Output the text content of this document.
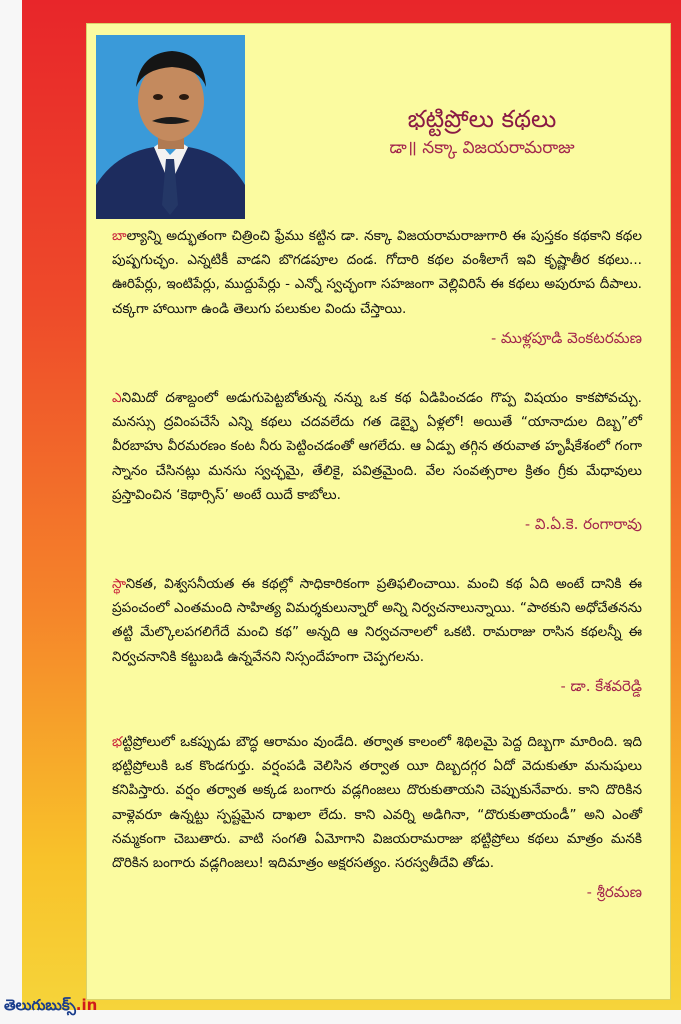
భట్టిప్రోలు కథలు
డా॥ నక్కా విజయరామరాజు

బాల్యాన్ని అద్భుతంగా చిత్రించి ఫ్రేము కట్టిన డా. నక్కా విజయరామరాజుగారి ఈ పుస్తకం కథకాని కథల పుష్పగుచ్ఛం. ఎన్నటికీ వాడని బొగడపూల దండ. గోదారి కథల వంశీలాగే ఇవి కృష్ణాతీర కథలు... ఊరిపేర్లు, ఇంటిపేర్లు, ముద్దుపేర్లు - ఎన్నో స్వచ్ఛంగా సహజంగా వెల్లివిరిసే ఈ కథలు అపురూప దీపాలు. చక్కగా హాయిగా ఉండి తెలుగు పలుకుల విందు చేస్తాయి.

- ముళ్లపూడి వెంకటరమణ

ఎనిమిదో దశాబ్దంలో అడుగుపెట్టబోతున్న నన్ను ఒక కథ ఏడిపించడం గొప్ప విషయం కాకపోవచ్చు. మనస్సు ద్రవింపచేసే ఎన్ని కథలు చదవలేదు గత డెబ్భై ఏళ్లలో! అయితే “యానాదుల దిబ్బ”లో వీరబాహు వీరమరణం కంట నీరు పెట్టించడంతో ఆగలేదు. ఆ ఏడ్పు తగ్గిన తరువాత హృషీకేశంలో గంగా స్నానం చేసినట్లు మనసు స్వచ్ఛమై, తేలికై, పవిత్రమైంది. వేల సంవత్సరాల క్రితం గ్రీకు మేధావులు ప్రస్తావించిన ‘కెథార్సిస్’ అంటే యిదే కాబోలు.

- వి.ఏ.కె. రంగారావు

స్థానికత, విశ్వసనీయత ఈ కథల్లో సాధికారికంగా ప్రతిఫలించాయి. మంచి కథ ఏది అంటే దానికి ఈ ప్రపంచంలో ఎంతమంది సాహిత్య విమర్శకులున్నారో అన్ని నిర్వచనాలున్నాయి. “పాఠకుని అధోచేతనను తట్టి మేల్కొలపగలిగేదే మంచి కథ” అన్నది ఆ నిర్వచనాలలో ఒకటి. రామరాజు రాసిన కథలన్నీ ఈ నిర్వచనానికి కట్టుబడి ఉన్నవేనని నిస్సందేహంగా చెప్పగలను.

- డా. కేశవరెడ్డి

భట్టిప్రోలులో ఒకప్పుడు బౌద్ధ ఆరామం వుండేది. తర్వాత కాలంలో శిథిలమై పెద్ద దిబ్బగా మారింది. ఇది భట్టిప్రోలుకి ఒక కొండగుర్తు. వర్షంపడి వెలిసిన తర్వాత యీ దిబ్బదగ్గర ఏదో వెదుకుతూ మనుషులు కనిపిస్తారు. వర్షం తర్వాత అక్కడ బంగారు వడ్లగింజలు దొరుకుతాయని చెప్పుకునేవారు. కాని దొరికిన వాళ్లెవరూ ఉన్నట్టు స్పష్టమైన దాఖలా లేదు. కాని ఎవర్ని అడిగినా, “దొరుకుతాయండీ” అని ఎంతో నమ్మకంగా చెబుతారు. వాటి సంగతి ఏమోగాని విజయరామరాజు భట్టిప్రోలు కథలు మాత్రం మనకి దొరికిన బంగారు వడ్లగింజలు! ఇదిమాత్రం అక్షరసత్యం. సరస్వతీదేవి తోడు.

- శ్రీరమణ
తెలుగుబుక్స్.in
